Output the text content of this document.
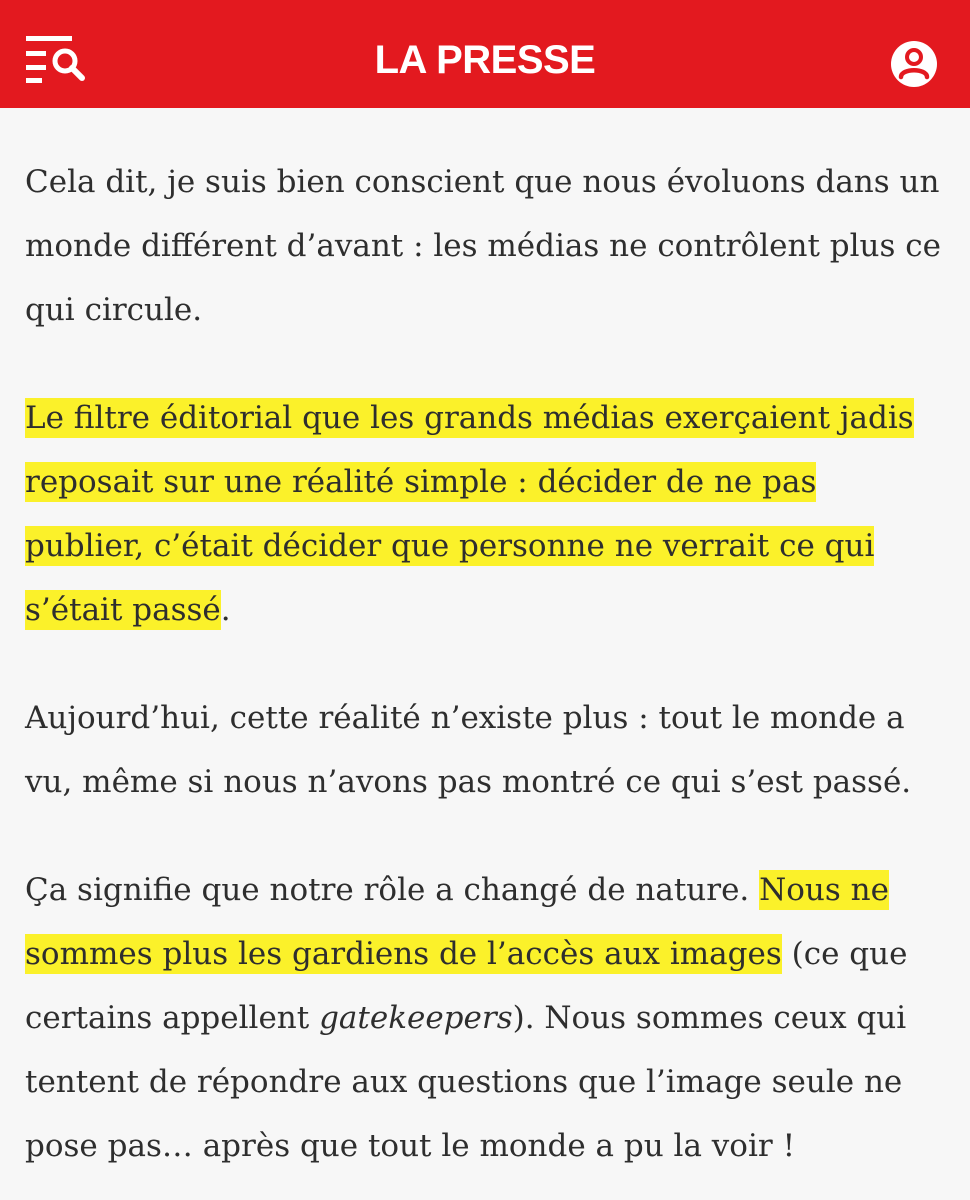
LA PRESSE

Cela dit, je suis bien conscient que nous évoluons dans un monde différent d’avant : les médias ne contrôlent plus ce qui circule.

Le filtre éditorial que les grands médias exerçaient jadis reposait sur une réalité simple : décider de ne pas publier, c’était décider que personne ne verrait ce qui s’était passé.

Aujourd’hui, cette réalité n’existe plus : tout le monde a vu, même si nous n’avons pas montré ce qui s’est passé.

Ça signifie que notre rôle a changé de nature. Nous ne sommes plus les gardiens de l’accès aux images (ce que certains appellent gatekeepers). Nous sommes ceux qui tentent de répondre aux questions que l’image seule ne pose pas… après que tout le monde a pu la voir !
